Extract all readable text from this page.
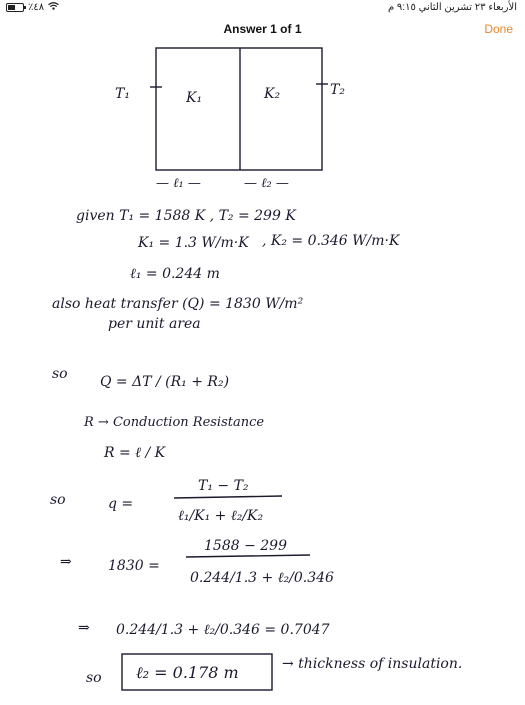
٪٤٨	الأربعاء ٢٣ تشرين الثاني ٩:١٥ م
Answer 1 of 1	Done
T₁	K₁	K₂	T₂
— ℓ₁ —	— ℓ₂ —
given T₁ = 1588 K , T₂ = 299 K
K₁ = 1.3 W/m·K , K₂ = 0.346 W/m·K
ℓ₁ = 0.244 m
also heat transfer (Q) = 1830 W/m²
per unit area
so Q = ΔT / (R₁ + R₂)
R → Conduction Resistance
R = ℓ / K
so	q =
T₁ − T₂
ℓ₁/K₁ + ℓ₂/K₂
⇒	1830 =
1588 − 299
0.244/1.3 + ℓ₂/0.346
⇒ 0.244/1.3 + ℓ₂/0.346 = 0.7047
so ℓ₂ = 0.178 m	→ thickness of insulation.
